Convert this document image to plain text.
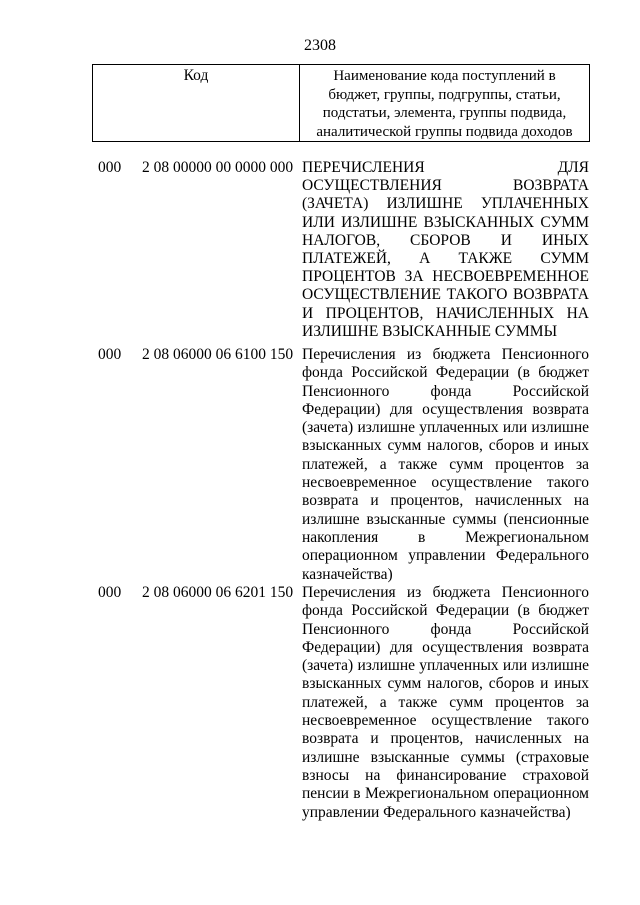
2308
Код	Наименование кода поступлений в бюджет, группы, подгруппы, статьи, подстатьи, элемента, группы подвида, аналитической группы подвида доходов
000 2 08 00000 00 0000 000 ПЕРЕЧИСЛЕНИЯ ДЛЯ ОСУЩЕСТВЛЕНИЯ ВОЗВРАТА (ЗАЧЕТА) ИЗЛИШНЕ УПЛАЧЕННЫХ ИЛИ ИЗЛИШНЕ ВЗЫСКАННЫХ СУММ НАЛОГОВ, СБОРОВ И ИНЫХ ПЛАТЕЖЕЙ, А ТАКЖЕ СУММ ПРОЦЕНТОВ ЗА НЕСВОЕВРЕМЕННОЕ ОСУЩЕСТВЛЕНИЕ ТАКОГО ВОЗВРАТА И ПРОЦЕНТОВ, НАЧИСЛЕННЫХ НА ИЗЛИШНЕ ВЗЫСКАННЫЕ СУММЫ
000 2 08 06000 06 6100 150 Перечисления из бюджета Пенсионного фонда Российской Федерации (в бюджет Пенсионного фонда Российской Федерации) для осуществления возврата (зачета) излишне уплаченных или излишне взысканных сумм налогов, сборов и иных платежей, а также сумм процентов за несвоевременное осуществление такого возврата и процентов, начисленных на излишне взысканные суммы (пенсионные накопления в Межрегиональном операционном управлении Федерального казначейства)
000 2 08 06000 06 6201 150 Перечисления из бюджета Пенсионного фонда Российской Федерации (в бюджет Пенсионного фонда Российской Федерации) для осуществления возврата (зачета) излишне уплаченных или излишне взысканных сумм налогов, сборов и иных платежей, а также сумм процентов за несвоевременное осуществление такого возврата и процентов, начисленных на излишне взысканные суммы (страховые взносы на финансирование страховой пенсии в Межрегиональном операционном управлении Федерального казначейства)
